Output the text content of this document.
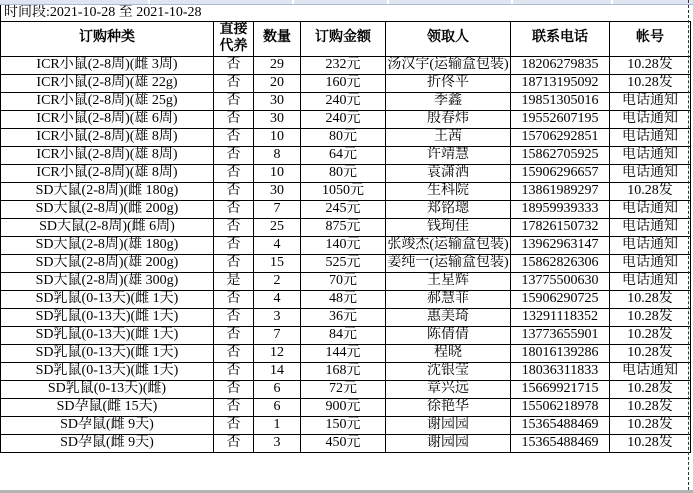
时间段:2021-10-28 至 2021-10-28
订购种类	直接代养	数量	订购金额	领取人	联系电话	帐号
ICR小鼠(2-8周)(雌 3周)	否	29	232元	汤汉宇(运输盒包装)	18206279835	10.28发
ICR小鼠(2-8周)(雄 22g)	否	20	160元	折佟平	18713195092	10.28发
ICR小鼠(2-8周)(雄 25g)	否	30	240元	季鑫	19851305016	电话通知
ICR小鼠(2-8周)(雄 6周)	否	30	240元	殷春炜	19552607195	电话通知
ICR小鼠(2-8周)(雄 8周)	否	10	80元	王茜	15706292851	电话通知
ICR小鼠(2-8周)(雄 8周)	否	8	64元	许靖慧	15862705925	电话通知
ICR小鼠(2-8周)(雄 8周)	否	10	80元	袁潇洒	15906296657	电话通知
SD大鼠(2-8周)(雌 180g)	否	30	1050元	生科院	13861989297	10.28发
SD大鼠(2-8周)(雌 200g)	否	7	245元	郑铭璁	18959939333	电话通知
SD大鼠(2-8周)(雌 6周)	否	25	875元	钱珣佳	17826150732	电话通知
SD大鼠(2-8周)(雄 180g)	否	4	140元	张竣杰(运输盒包装)	13962963147	电话通知
SD大鼠(2-8周)(雄 200g)	否	15	525元	姜纯一(运输盒包装)	15862826306	电话通知
SD大鼠(2-8周)(雄 300g)	是	2	70元	王星辉	13775500630	电话通知
SD乳鼠(0-13天)(雌 1天)	否	4	48元	郝慧菲	15906290725	10.28发
SD乳鼠(0-13天)(雌 1天)	否	3	36元	惠美琦	13291118352	10.28发
SD乳鼠(0-13天)(雌 1天)	否	7	84元	陈倩倩	13773655901	10.28发
SD乳鼠(0-13天)(雌 1天)	否	12	144元	程晓	18016139286	10.28发
SD乳鼠(0-13天)(雌 1天)	否	14	168元	沈银莹	18036311833	电话通知
SD乳鼠(0-13天)(雌)	否	6	72元	章兴远	15669921715	10.28发
SD孕鼠(雌 15天)	否	6	900元	徐艳华	15506218978	10.28发
SD孕鼠(雌 9天)	否	1	150元	谢园园	15365488469	10.28发
SD孕鼠(雌 9天)	否	3	450元	谢园园	15365488469	10.28发
